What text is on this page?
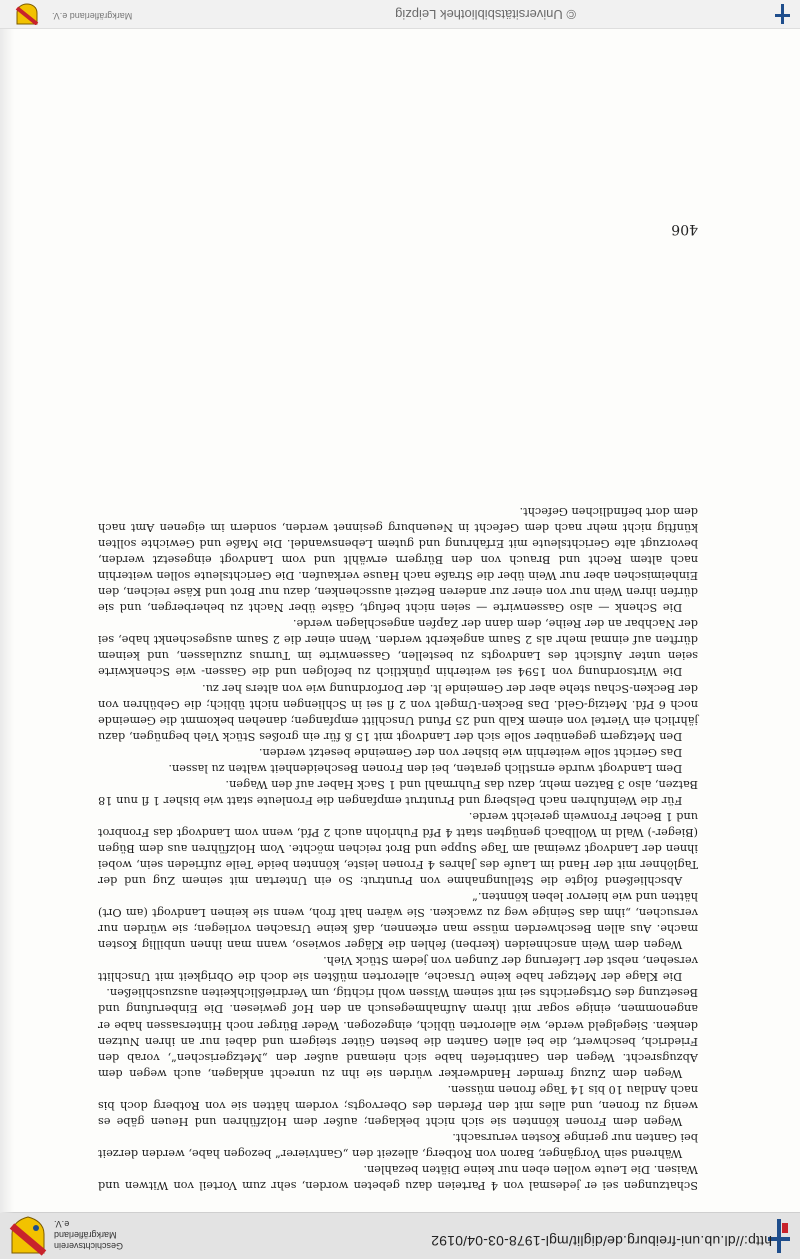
http://dl.ub.uni-freiburg.de/diglit/mgl-1978-03-04/0192
Geschichtsverein Markgräflerland e.V.

Schatzungen sei er jedesmal von 4 Parteien dazu gebeten worden, sehr zum Vorteil von Witwen und Waisen. Die Leute wollen eben nur keine Diäten bezahlen.

Während sein Vorgänger, Baron von Rotberg, allezeit den „Gantvierer“ bezogen habe, werden derzeit bei Ganten nur geringe Kosten verursacht.

Wegen dem Fronen könnten sie sich nicht beklagen; außer dem Holzführen und Heuen gäbe es wenig zu fronen, und alles mit den Pferden des Obervogts; vordem hätten sie von Rotberg doch bis nach Andlau 10 bis 14 Tage fronen müssen.

Wegen dem Zuzug fremder Handwerker würden sie ihn zu unrecht anklagen, auch wegen dem Abzugsrecht. Wegen den Gantbriefen habe sich niemand außer den „Metzgerischen“, vorab den Friedrich, beschwert, die bei allen Ganten die besten Güter steigern und dabei nur an ihren Nutzen denken. Siegelgeld werde, wie allerorten üblich, eingezogen. Weder Bürger noch Hintersassen habe er angenommen, einige sogar mit ihrem Aufnahmegesuch an den Hof gewiesen. Die Einberufung und Besetzung des Ortsgerichts sei mit seinem Wissen wohl richtig, um Verdrießlichkeiten auszuschließen.

Die Klage der Metzger habe keine Ursache, allerorten müßten sie doch die Obrigkeit mit Unschlitt versehen, nebst der Lieferung der Zungen von jedem Stück Vieh.

Wegen dem Wein anschneiden (kerben) fehlen die Kläger sowieso, wann man ihnen unbillig Kosten mache. Aus allen Beschwerden müsse man erkennen, daß keine Ursachen vorliegen; sie würden nur versuchen, „ihm das Seinige weg zu zwacken. Sie wären halt froh, wenn sie keinen Landvogt (am Ort) hätten und wie hiervor leben könnten.“

Abschließend folgte die Stellungnahme von Pruntrut: So ein Untertan mit seinem Zug und der Taglöhner mit der Hand im Laufe des Jahres 4 Fronen leiste, könnten beide Teile zufrieden sein, wobei ihnen der Landvogt zweimal am Tage Suppe und Brot reichen möchte. Vom Holzführen aus dem Bügen (Bieger-) Wald in Wollbach genügten statt 4 Pfd Fuhrlohn auch 2 Pfd, wenn vom Landvogt das Fronbrot und 1 Becher Fronwein gereicht werde.

Für die Weinfuhren nach Delsberg und Pruntrut empfangen die Fronleute statt wie bisher 1 fl nun 18 Batzen, also 3 Batzen mehr, dazu das Fuhrmahl und 1 Sack Haber auf den Wagen.

Dem Landvogt wurde ernstlich geraten, bei den Fronen Bescheidenheit walten zu lassen.

Das Gericht solle weiterhin wie bisher von der Gemeinde besetzt werden.

Den Metzgern gegenüber solle sich der Landvogt mit 15 ß für ein großes Stück Vieh begnügen, dazu jährlich ein Viertel von einem Kalb und 25 Pfund Unschlitt empfangen; danehen bekommt die Gemeinde noch 6 Pfd. Metzig-Geld. Das Becken-Umgelt von 2 fl sei in Schliengen nicht üblich; die Gebühren von der Becken-Schau stehe aber der Gemeinde lt. der Dorfordnung wie von alters her zu.

Die Wirtsordnung von 1594 sei weiterhin pünktlich zu befolgen und die Gassen- wie Schenkwirte seien unter Aufsicht des Landvogts zu bestellen, Gassenwirte im Turnus zuzulassen, und keinem dürften auf einmal mehr als 2 Saum angekerbt werden. Wenn einer die 2 Saum ausgeschenkt habe, sei der Nachbar an der Reihe, dem dann der Zapfen angeschlagen werde.

Die Schenk — also Gassenwirte — seien nicht befugt, Gäste über Nacht zu beherbergen, und sie dürfen ihren Wein nur von einer zur anderen Betzeit ausschenken, dazu nur Brot und Käse reichen, den Einheimischen aber nur Wein über die Straße nach Hause verkaufen. Die Gerichtsleute sollen weiterhin nach altem Recht und Brauch von den Bürgern erwählt und vom Landvogt eingesetzt werden, bevorzugt alte Gerichtsleute mit Erfahrung und gutem Lebenswandel. Die Maße und Gewichte sollten künftig nicht mehr nach dem Gefecht in Neuenburg gesinnet werden, sondern im eigenen Amt nach dem dort befindlichen Gefecht.

406
© Universitätsbibliothek Leipzig
Markgräflerland e.V.
